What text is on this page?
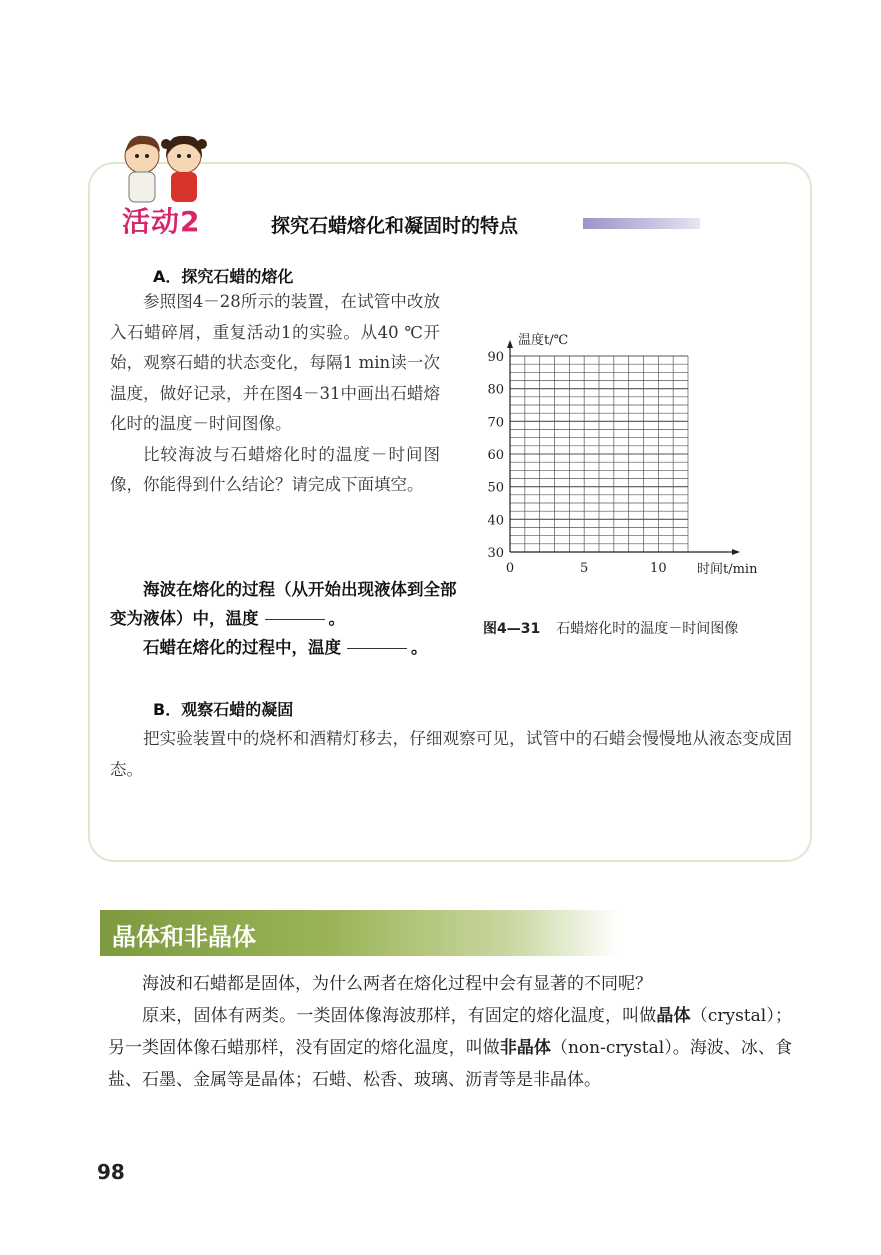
活动2	探究石蜡熔化和凝固时的特点
A．探究石蜡的熔化

参照图4－28所示的装置，在试管中改放入石蜡碎屑，重复活动1的实验。从40 ℃开始，观察石蜡的状态变化，每隔1 min读一次温度，做好记录，并在图4－31中画出石蜡熔化时的温度－时间图像。

比较海波与石蜡熔化时的温度－时间图像，你能得到什么结论？请完成下面填空。

海波在熔化的过程（从开始出现液体到全部变为液体）中，温度	。
石蜡在熔化的过程中，温度	。
温度t/℃
时间t/min
30
40
50
60
70
80
90
0	5	10
图4—31 石蜡熔化时的温度－时间图像
B．观察石蜡的凝固

把实验装置中的烧杯和酒精灯移去，仔细观察可见，试管中的石蜡会慢慢地从液态变成固态。

晶体和非晶体

海波和石蜡都是固体，为什么两者在熔化过程中会有显著的不同呢？

原来，固体有两类。一类固体像海波那样，有固定的熔化温度，叫做晶体（crystal）；另一类固体像石蜡那样，没有固定的熔化温度，叫做非晶体（non-crystal）。海波、冰、食盐、石墨、金属等是晶体；石蜡、松香、玻璃、沥青等是非晶体。

98
